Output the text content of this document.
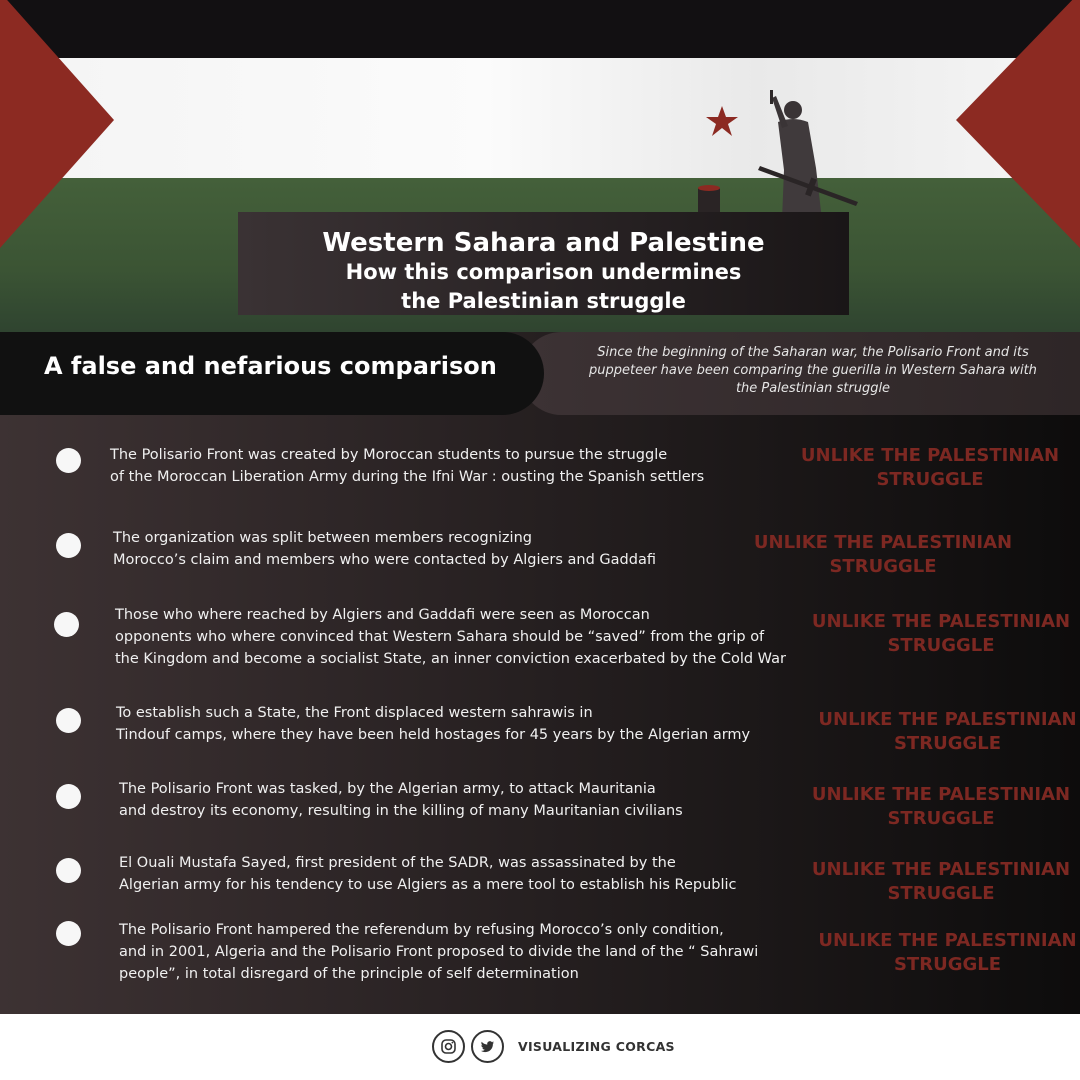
Western Sahara and Palestine
How this comparison undermines
the Palestinian struggle
Since the beginning of the Saharan war, the Polisario Front and its puppeteer have been comparing the guerilla in Western Sahara with the Palestinian struggle
A false and nefarious comparison
The Polisario Front was created by Moroccan students to pursue the struggle
of the Moroccan Liberation Army during the Ifni War : ousting the Spanish settlers
UNLIKE THE PALESTINIAN
STRUGGLE
The organization was split between members recognizing
Morocco’s claim and members who were contacted by Algiers and Gaddafi
UNLIKE THE PALESTINIAN STRUGGLE
Those who where reached by Algiers and Gaddafi were seen as Moroccan
opponents who where convinced that Western Sahara should be “saved” from the grip of
the Kingdom and become a socialist State, an inner conviction exacerbated by the Cold War
UNLIKE THE PALESTINIAN
STRUGGLE
To establish such a State, the Front displaced western sahrawis in
Tindouf camps, where they have been held hostages for 45 years by the Algerian army
UNLIKE THE PALESTINIAN
STRUGGLE
The Polisario Front was tasked, by the Algerian army, to attack Mauritania
and destroy its economy, resulting in the killing of many Mauritanian civilians
UNLIKE THE PALESTINIAN
STRUGGLE
El Ouali Mustafa Sayed, first president of the SADR, was assassinated by the
Algerian army for his tendency to use Algiers as a mere tool to establish his Republic
UNLIKE THE PALESTINIAN
STRUGGLE
The Polisario Front hampered the referendum by refusing Morocco’s only condition,
and in 2001, Algeria and the Polisario Front proposed to divide the land of the “ Sahrawi
people”, in total disregard of the principle of self determination
UNLIKE THE PALESTINIAN
STRUGGLE
VISUALIZING CORCAS
